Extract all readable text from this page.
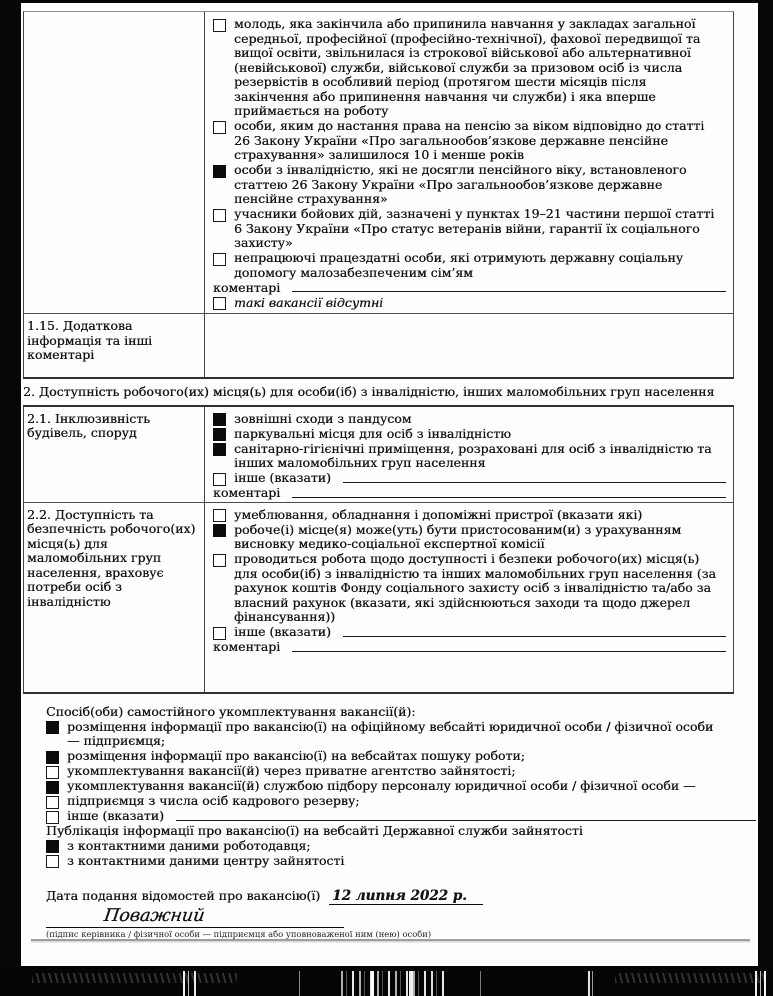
молодь, яка закінчила або припинила навчання у закладах загальної середньої, професійної (професійно-технічної), фахової передвищої та вищої освіти, звільнилася із строкової військової або альтернативної (невійськової) служби, військової служби за призовом осіб із числа резервістів в особливий період (протягом шести місяців після закінчення або припинення навчання чи служби) і яка вперше приймається на роботу
особи, яким до настання права на пенсію за віком відповідно до статті 26 Закону України «Про загальнообов’язкове державне пенсійне страхування» залишилося 10 і менше років
особи з інвалідністю, які не досягли пенсійного віку, встановленого статтею 26 Закону України «Про загальнообов’язкове державне пенсійне страхування»
учасники бойових дій, зазначені у пунктах 19–21 частини першої статті 6 Закону України «Про статус ветеранів війни, гарантії їх соціального захисту»
непрацюючі працездатні особи, які отримують державну соціальну допомогу малозабезпеченим сім’ям
коментарі
такі вакансії відсутні
1.15. Додаткова інформація та інші коментарі
2. Доступність робочого(их) місця(ь) для особи(іб) з інвалідністю, інших маломобільних груп населення
2.1. Інклюзивність будівель, споруд
зовнішні сходи з пандусом
паркувальні місця для осіб з інвалідністю
санітарно-гігієнічні приміщення, розраховані для осіб з інвалідністю та інших маломобільних груп населення
інше (вказати)
коментарі
2.2. Доступність та безпечність робочого(их) місця(ь) для маломобільних груп населення, враховує потреби осіб з інвалідністю
умеблювання, обладнання і допоміжні пристрої (вказати які)
робоче(і) місце(я) може(уть) бути пристосованим(и) з урахуванням висновку медико-соціальної експертної комісії
проводиться робота щодо доступності і безпеки робочого(их) місця(ь) для особи(іб) з інвалідністю та інших маломобільних груп населення (за рахунок коштів Фонду соціального захисту осіб з інвалідністю та/або за власний рахунок (вказати, які здійснюються заходи та щодо джерел фінансування))
інше (вказати)
коментарі
Спосіб(оби) самостійного укомплектування вакансії(й):
розміщення інформації про вакансію(ї) на офіційному вебсайті юридичної особи / фізичної особи — підприємця;
розміщення інформації про вакансію(ї) на вебсайтах пошуку роботи;
укомплектування вакансії(й) через приватне агентство зайнятості;
укомплектування вакансії(й) службою підбору персоналу юридичної особи / фізичної особи —
підприємця з числа осіб кадрового резерву;
інше (вказати)
Публікація інформації про вакансію(ї) на вебсайті Державної служби зайнятості
з контактними даними роботодавця;
з контактними даними центру зайнятості
Дата подання відомостей про вакансію(ї) 12 липня 2022 р.
Поважний
(підпис керівника / фізичної особи — підприємця або уповноваженої ним (нею) особи)
